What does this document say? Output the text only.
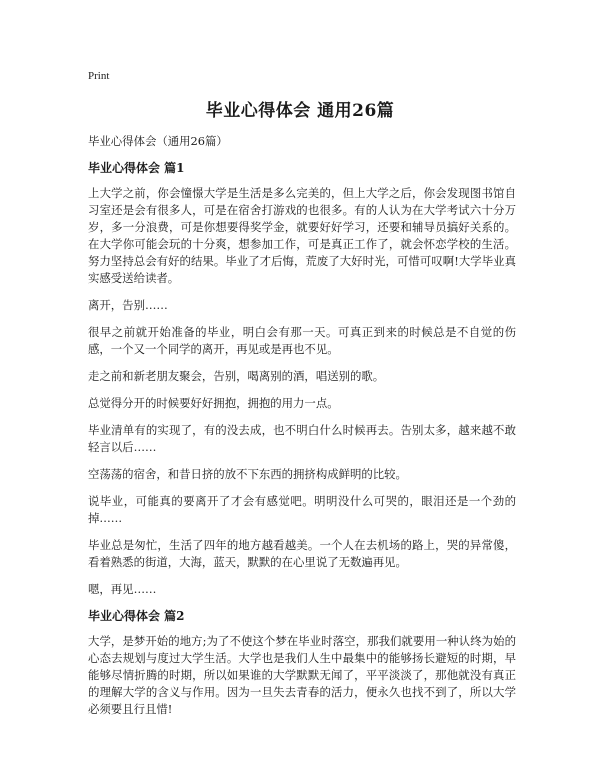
Print
毕业心得体会 通用26篇
毕业心得体会（通用26篇）
毕业心得体会 篇1

上大学之前，你会憧憬大学是生活是多么完美的，但上大学之后，你会发现图书馆自习室还是会有很多人，可是在宿舍打游戏的也很多。有的人认为在大学考试六十分万岁，多一分浪费，可是你想要得奖学金，就要好好学习，还要和辅导员搞好关系的。在大学你可能会玩的十分爽，想参加工作，可是真正工作了，就会怀恋学校的生活。努力坚持总会有好的结果。毕业了才后悔，荒废了大好时光，可惜可叹啊!大学毕业真实感受送给读者。

离开，告别……

很早之前就开始准备的毕业，明白会有那一天。可真正到来的时候总是不自觉的伤感，一个又一个同学的离开，再见或是再也不见。

走之前和新老朋友聚会，告别，喝离别的酒，唱送别的歌。

总觉得分开的时候要好好拥抱，拥抱的用力一点。

毕业清单有的实现了，有的没去成，也不明白什么时候再去。告别太多，越来越不敢轻言以后……

空荡荡的宿舍，和昔日挤的放不下东西的拥挤构成鲜明的比较。

说毕业，可能真的要离开了才会有感觉吧。明明没什么可哭的，眼泪还是一个劲的掉……

毕业总是匆忙，生活了四年的地方越看越美。一个人在去机场的路上，哭的异常傻，看着熟悉的街道，大海，蓝天，默默的在心里说了无数遍再见。

嗯，再见……

毕业心得体会 篇2

大学，是梦开始的地方;为了不使这个梦在毕业时落空，那我们就要用一种认终为始的心态去规划与度过大学生活。大学也是我们人生中最集中的能够扬长避短的时期，早能够尽情折腾的时期，所以如果谁的大学默默无闻了，平平淡淡了，那他就没有真正的理解大学的含义与作用。因为一旦失去青春的活力，便永久也找不到了，所以大学必须要且行且惜!
